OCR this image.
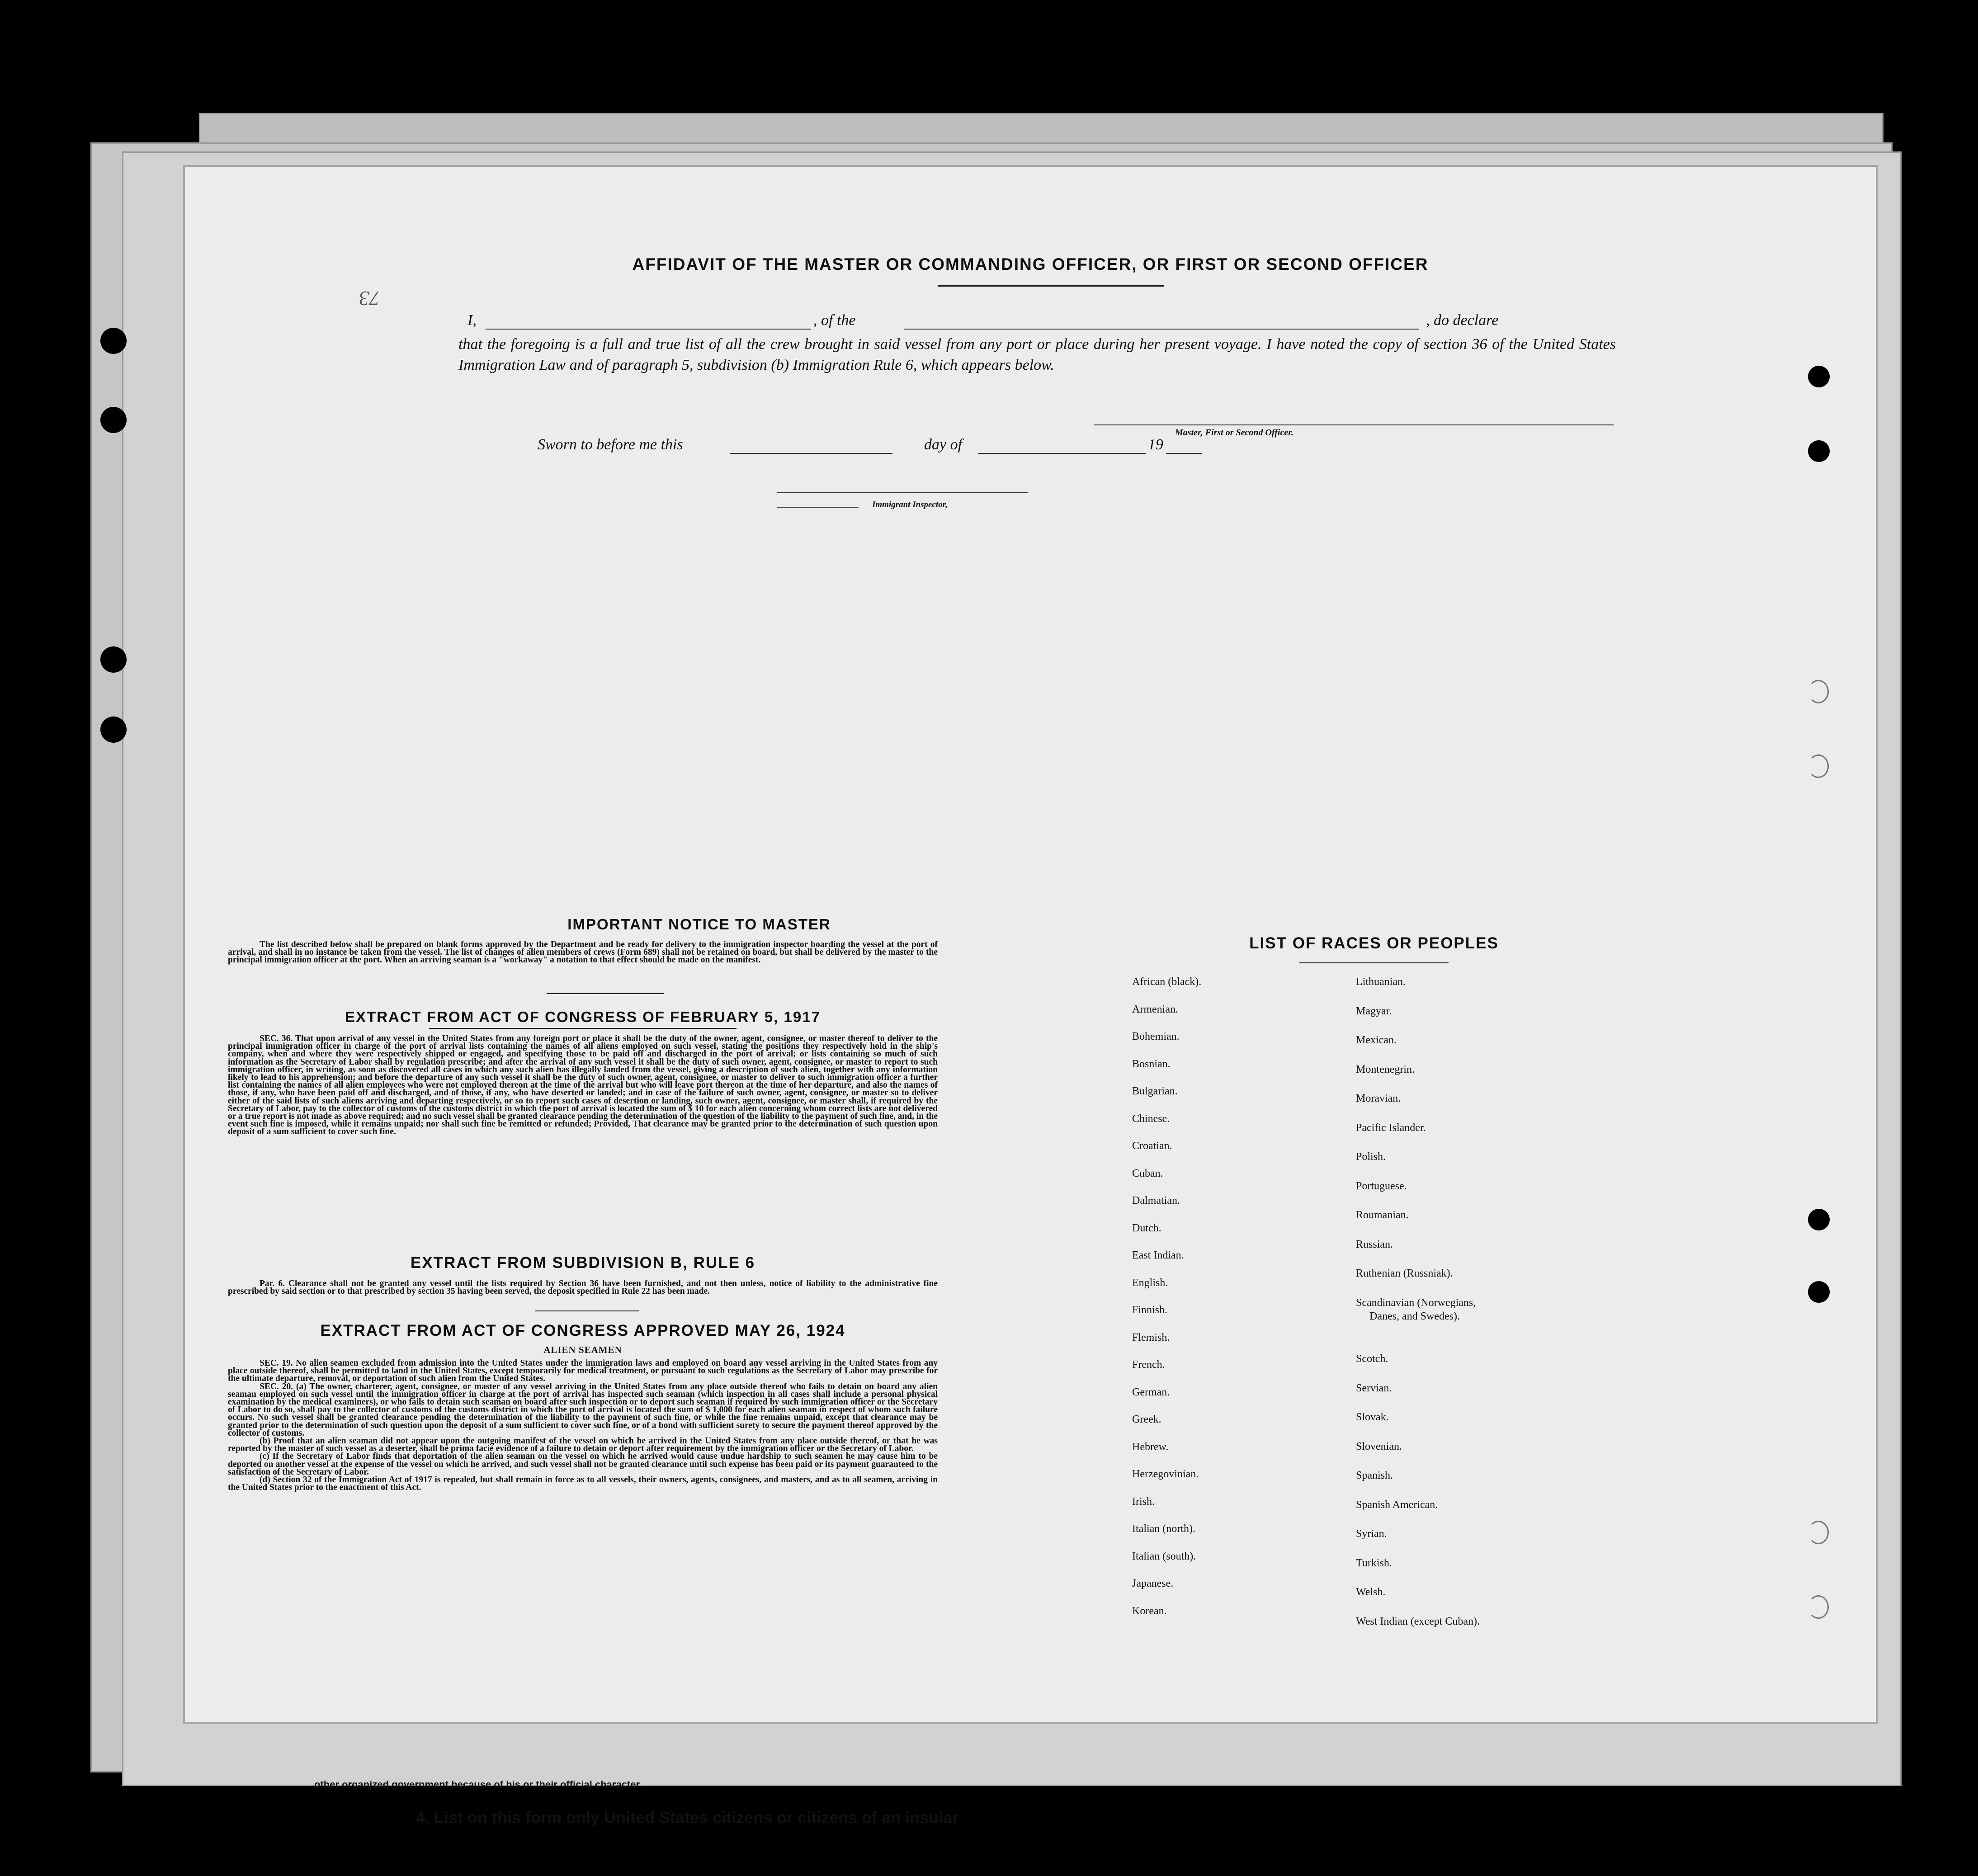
other organized government because of his or their official character.
4. List on this form only United States citizens or citizens of an insular
73
AFFIDAVIT OF THE MASTER OR COMMANDING OFFICER, OR FIRST OR SECOND OFFICER
I,	, of the	, do declare
that the foregoing is a full and true list of all the crew brought in said vessel from any port or place during her present voyage. I have noted the copy of section 36 of the United States Immigration Law and of paragraph 5, subdivision (b) Immigration Rule 6, which appears below.
Master, First or Second Officer.
Sworn to before me this	day of	19
Immigrant Inspector,
IMPORTANT NOTICE TO MASTER

The list described below shall be prepared on blank forms approved by the Department and be ready for delivery to the immigration inspector boarding the vessel at the port of arrival, and shall in no instance be taken from the vessel. The list of changes of alien members of crews (Form 689) shall not be retained on board, but shall be delivered by the master to the principal immigration officer at the port. When an arriving seaman is a "workaway" a notation to that effect should be made on the manifest.

EXTRACT FROM ACT OF CONGRESS OF FEBRUARY 5, 1917

SEC. 36. That upon arrival of any vessel in the United States from any foreign port or place it shall be the duty of the owner, agent, consignee, or master thereof to deliver to the principal immigration officer in charge of the port of arrival lists containing the names of all aliens employed on such vessel, stating the positions they respectively hold in the ship's company, when and where they were respectively shipped or engaged, and specifying those to be paid off and discharged in the port of arrival; or lists containing so much of such information as the Secretary of Labor shall by regulation prescribe; and after the arrival of any such vessel it shall be the duty of such owner, agent, consignee, or master to report to such immigration officer, in writing, as soon as discovered all cases in which any such alien has illegally landed from the vessel, giving a description of such alien, together with any information likely to lead to his apprehension; and before the departure of any such vessel it shall be the duty of such owner, agent, consignee, or master to deliver to such immigration officer a further list containing the names of all alien employees who were not employed thereon at the time of the arrival but who will leave port thereon at the time of her departure, and also the names of those, if any, who have been paid off and discharged, and of those, if any, who have deserted or landed; and in case of the failure of such owner, agent, consignee, or master so to deliver either of the said lists of such aliens arriving and departing respectively, or so to report such cases of desertion or landing, such owner, agent, consignee, or master shall, if required by the Secretary of Labor, pay to the collector of customs of the customs district in which the port of arrival is located the sum of $ 10 for each alien concerning whom correct lists are not delivered or a true report is not made as above required; and no such vessel shall be granted clearance pending the determination of the question of the liability to the payment of such fine, and, in the event such fine is imposed, while it remains unpaid; nor shall such fine be remitted or refunded; Provided, That clearance may be granted prior to the determination of such question upon deposit of a sum sufficient to cover such fine.

EXTRACT FROM SUBDIVISION B, RULE 6

Par. 6. Clearance shall not be granted any vessel until the lists required by Section 36 have been furnished, and not then unless, notice of liability to the administrative fine prescribed by said section or to that prescribed by section 35 having been served, the deposit specified in Rule 22 has been made.

EXTRACT FROM ACT OF CONGRESS APPROVED MAY 26, 1924
ALIEN SEAMEN

SEC. 19. No alien seamen excluded from admission into the United States under the immigration laws and employed on board any vessel arriving in the United States from any place outside thereof, shall be permitted to land in the United States, except temporarily for medical treatment, or pursuant to such regulations as the Secretary of Labor may prescribe for the ultimate departure, removal, or deportation of such alien from the United States.

SEC. 20. (a) The owner, charterer, agent, consignee, or master of any vessel arriving in the United States from any place outside thereof who fails to detain on board any alien seaman employed on such vessel until the immigration officer in charge at the port of arrival has inspected such seaman (which inspection in all cases shall include a personal physical examination by the medical examiners), or who fails to detain such seaman on board after such inspection or to deport such seaman if required by such immigration officer or the Secretary of Labor to do so, shall pay to the collector of customs of the customs district in which the port of arrival is located the sum of $ 1,000 for each alien seaman in respect of whom such failure occurs. No such vessel shall be granted clearance pending the determination of the liability to the payment of such fine, or while the fine remains unpaid, except that clearance may be granted prior to the determination of such question upon the deposit of a sum sufficient to cover such fine, or of a bond with sufficient surety to secure the payment thereof approved by the collector of customs.

(b) Proof that an alien seaman did not appear upon the outgoing manifest of the vessel on which he arrived in the United States from any place outside thereof, or that he was reported by the master of such vessel as a deserter, shall be prima facie evidence of a failure to detain or deport after requirement by the immigration officer or the Secretary of Labor.

(c) If the Secretary of Labor finds that deportation of the alien seaman on the vessel on which he arrived would cause undue hardship to such seamen he may cause him to be deported on another vessel at the expense of the vessel on which he arrived, and such vessel shall not be granted clearance until such expense has been paid or its payment guaranteed to the satisfaction of the Secretary of Labor.

(d) Section 32 of the Immigration Act of 1917 is repealed, but shall remain in force as to all vessels, their owners, agents, consignees, and masters, and as to all seamen, arriving in the United States prior to the enactment of this Act.

LIST OF RACES OR PEOPLES
African (black).
Armenian.
Bohemian.
Bosnian.
Bulgarian.
Chinese.
Croatian.
Cuban.
Dalmatian.
Dutch.
East Indian.
English.
Finnish.
Flemish.
French.
German.
Greek.
Hebrew.
Herzegovinian.
Irish.
Italian (north).
Italian (south).
Japanese.
Korean.
Lithuanian.
Magyar.
Mexican.
Montenegrin.
Moravian.
Pacific Islander.
Polish.
Portuguese.
Roumanian.
Russian.
Ruthenian (Russniak).
Scandinavian (Norwegians,
Danes, and Swedes).
Scotch.
Servian.
Slovak.
Slovenian.
Spanish.
Spanish American.
Syrian.
Turkish.
Welsh.
West Indian (except Cuban).
